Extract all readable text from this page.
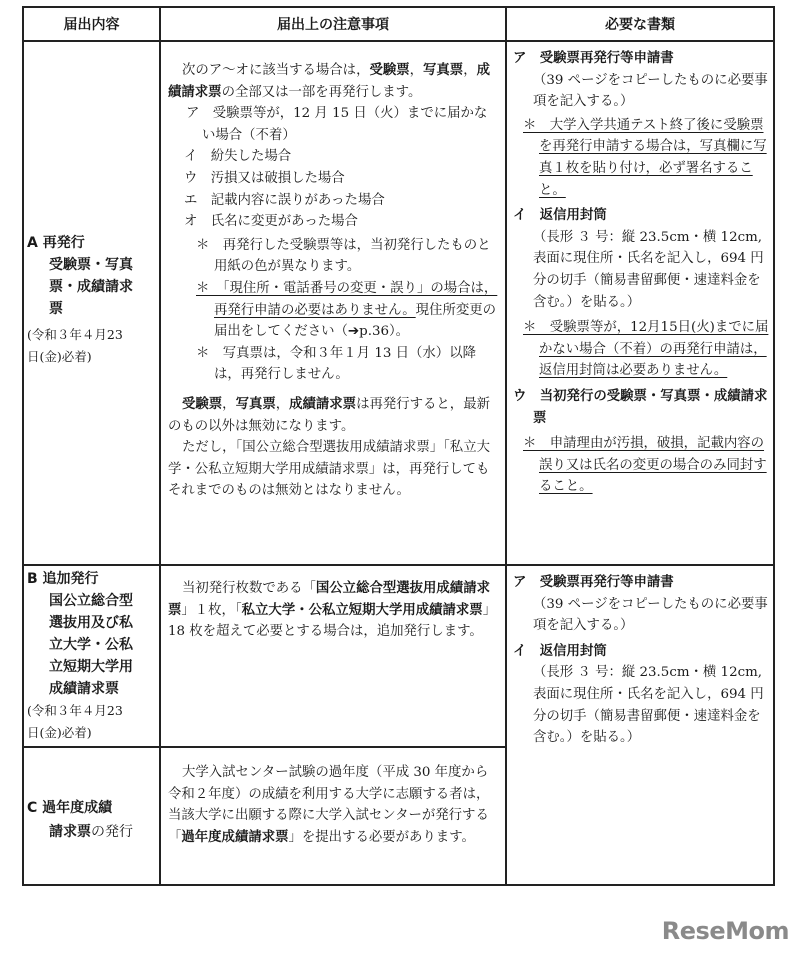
届出内容	届出上の注意事項	必要な書類
A 再発行
受験票・写真
票・成績請求
票
(令和３年４月23
日(金)必着)

次のア〜オに該当する場合は，受験票，写真票，成績請求票の全部又は一部を再発行します。

ア　受験票等が，12 月 15 日（火）までに届かない場合（不着）
イ　紛失した場合
ウ　汚損又は破損した場合
エ　記載内容に誤りがあった場合
オ　氏名に変更があった場合
＊　再発行した受験票等は，当初発行したものと用紙の色が異なります。
＊　「現住所・電話番号の変更・誤り」の場合は，再発行申請の必要はありません。現住所変更の届出をしてください（➔p.36）。
＊　写真票は，令和３年１月 13 日（水）以降は，再発行しません。

受験票，写真票，成績請求票は再発行すると，最新のもの以外は無効になります。

ただし，「国公立総合型選抜用成績請求票」「私立大学・公私立短期大学用成績請求票」は，再発行してもそれまでのものは無効とはなりません。

ア　受験票再発行等申請書
（39 ページをコピーしたものに必要事項を記入する。）
＊　大学入学共通テスト終了後に受験票を再発行申請する場合は，写真欄に写真１枚を貼り付け，必ず署名すること。
イ　返信用封筒
（長形 ３ 号：縦 23.5cm・横 12cm, 表面に現住所・氏名を記入し，694 円分の切手（簡易書留郵便・速達料金を含む。）を貼る。）
＊　受験票等が，12月15日(火)までに届かない場合（不着）の再発行申請は，返信用封筒は必要ありません。
ウ　当初発行の受験票・写真票・成績請求票
＊　申請理由が汚損，破損，記載内容の誤り又は氏名の変更の場合のみ同封すること。
B 追加発行
国公立総合型
選抜用及び私
立大学・公私
立短期大学用
成績請求票
(令和３年４月23
日(金)必着)

当初発行枚数である「国公立総合型選抜用成績請求票」１枚，「私立大学・公私立短期大学用成績請求票」18 枚を超えて必要とする場合は，追加発行します。

ア　受験票再発行等申請書
（39 ページをコピーしたものに必要事項を記入する。）
イ　返信用封筒
（長形 ３ 号：縦 23.5cm・横 12cm, 表面に現住所・氏名を記入し，694 円分の切手（簡易書留郵便・速達料金を含む。）を貼る。）
C 過年度成績
請求票の発行

大学入試センター試験の過年度（平成 30 年度から令和２年度）の成績を利用する大学に志願する者は，当該大学に出願する際に大学入試センターが発行する「過年度成績請求票」を提出する必要があります。

ReseMom
